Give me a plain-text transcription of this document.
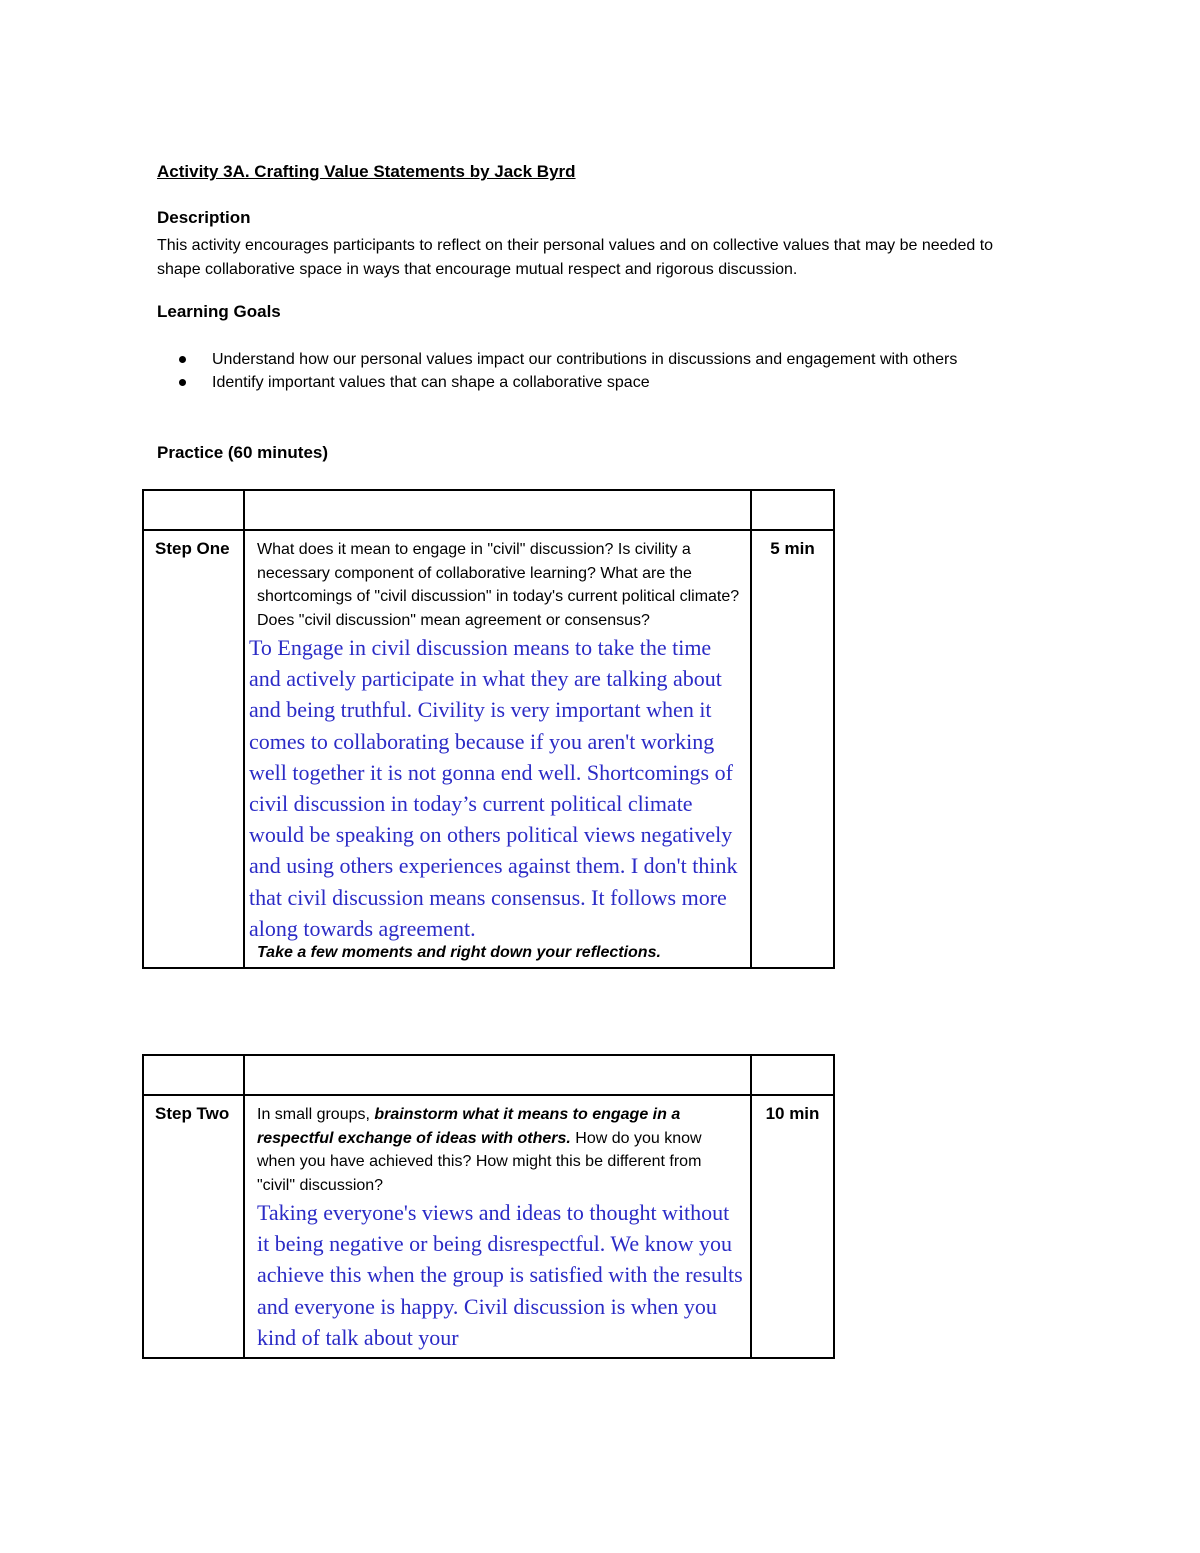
Activity 3A. Crafting Value Statements by Jack Byrd
Description
This activity encourages participants to reflect on their personal values and on collective values that may be needed to shape collaborative space in ways that encourage mutual respect and rigorous discussion.
Learning Goals
Understand how our personal values impact our contributions in discussions and engagement with others
Identify important values that can shape a collaborative space
Practice (60 minutes)

Step One	What does it mean to engage in "civil" discussion? Is civility a necessary component of collaborative learning? What are the shortcomings of "civil discussion" in today's current political climate? Does "civil discussion" mean agreement or consensus?
To Engage in civil discussion means to take the time and actively participate in what they are talking about and being truthful. Civility is very important when it comes to collaborating because if you aren't working well together it is not gonna end well. Shortcomings of civil discussion in today’s current political climate would be speaking on others political views negatively and using others experiences against them. I don't think that civil discussion means consensus. It follows more along towards agreement.
Take a few moments and right down your reflections.	5 min

Step Two	In small groups, brainstorm what it means to engage in a respectful exchange of ideas with others. How do you know when you have achieved this? How might this be different from "civil" discussion?
Taking everyone's views and ideas to thought without it being negative or being disrespectful. We know you achieve this when the group is satisfied with the results and everyone is happy. Civil discussion is when you kind of talk about your	10 min
